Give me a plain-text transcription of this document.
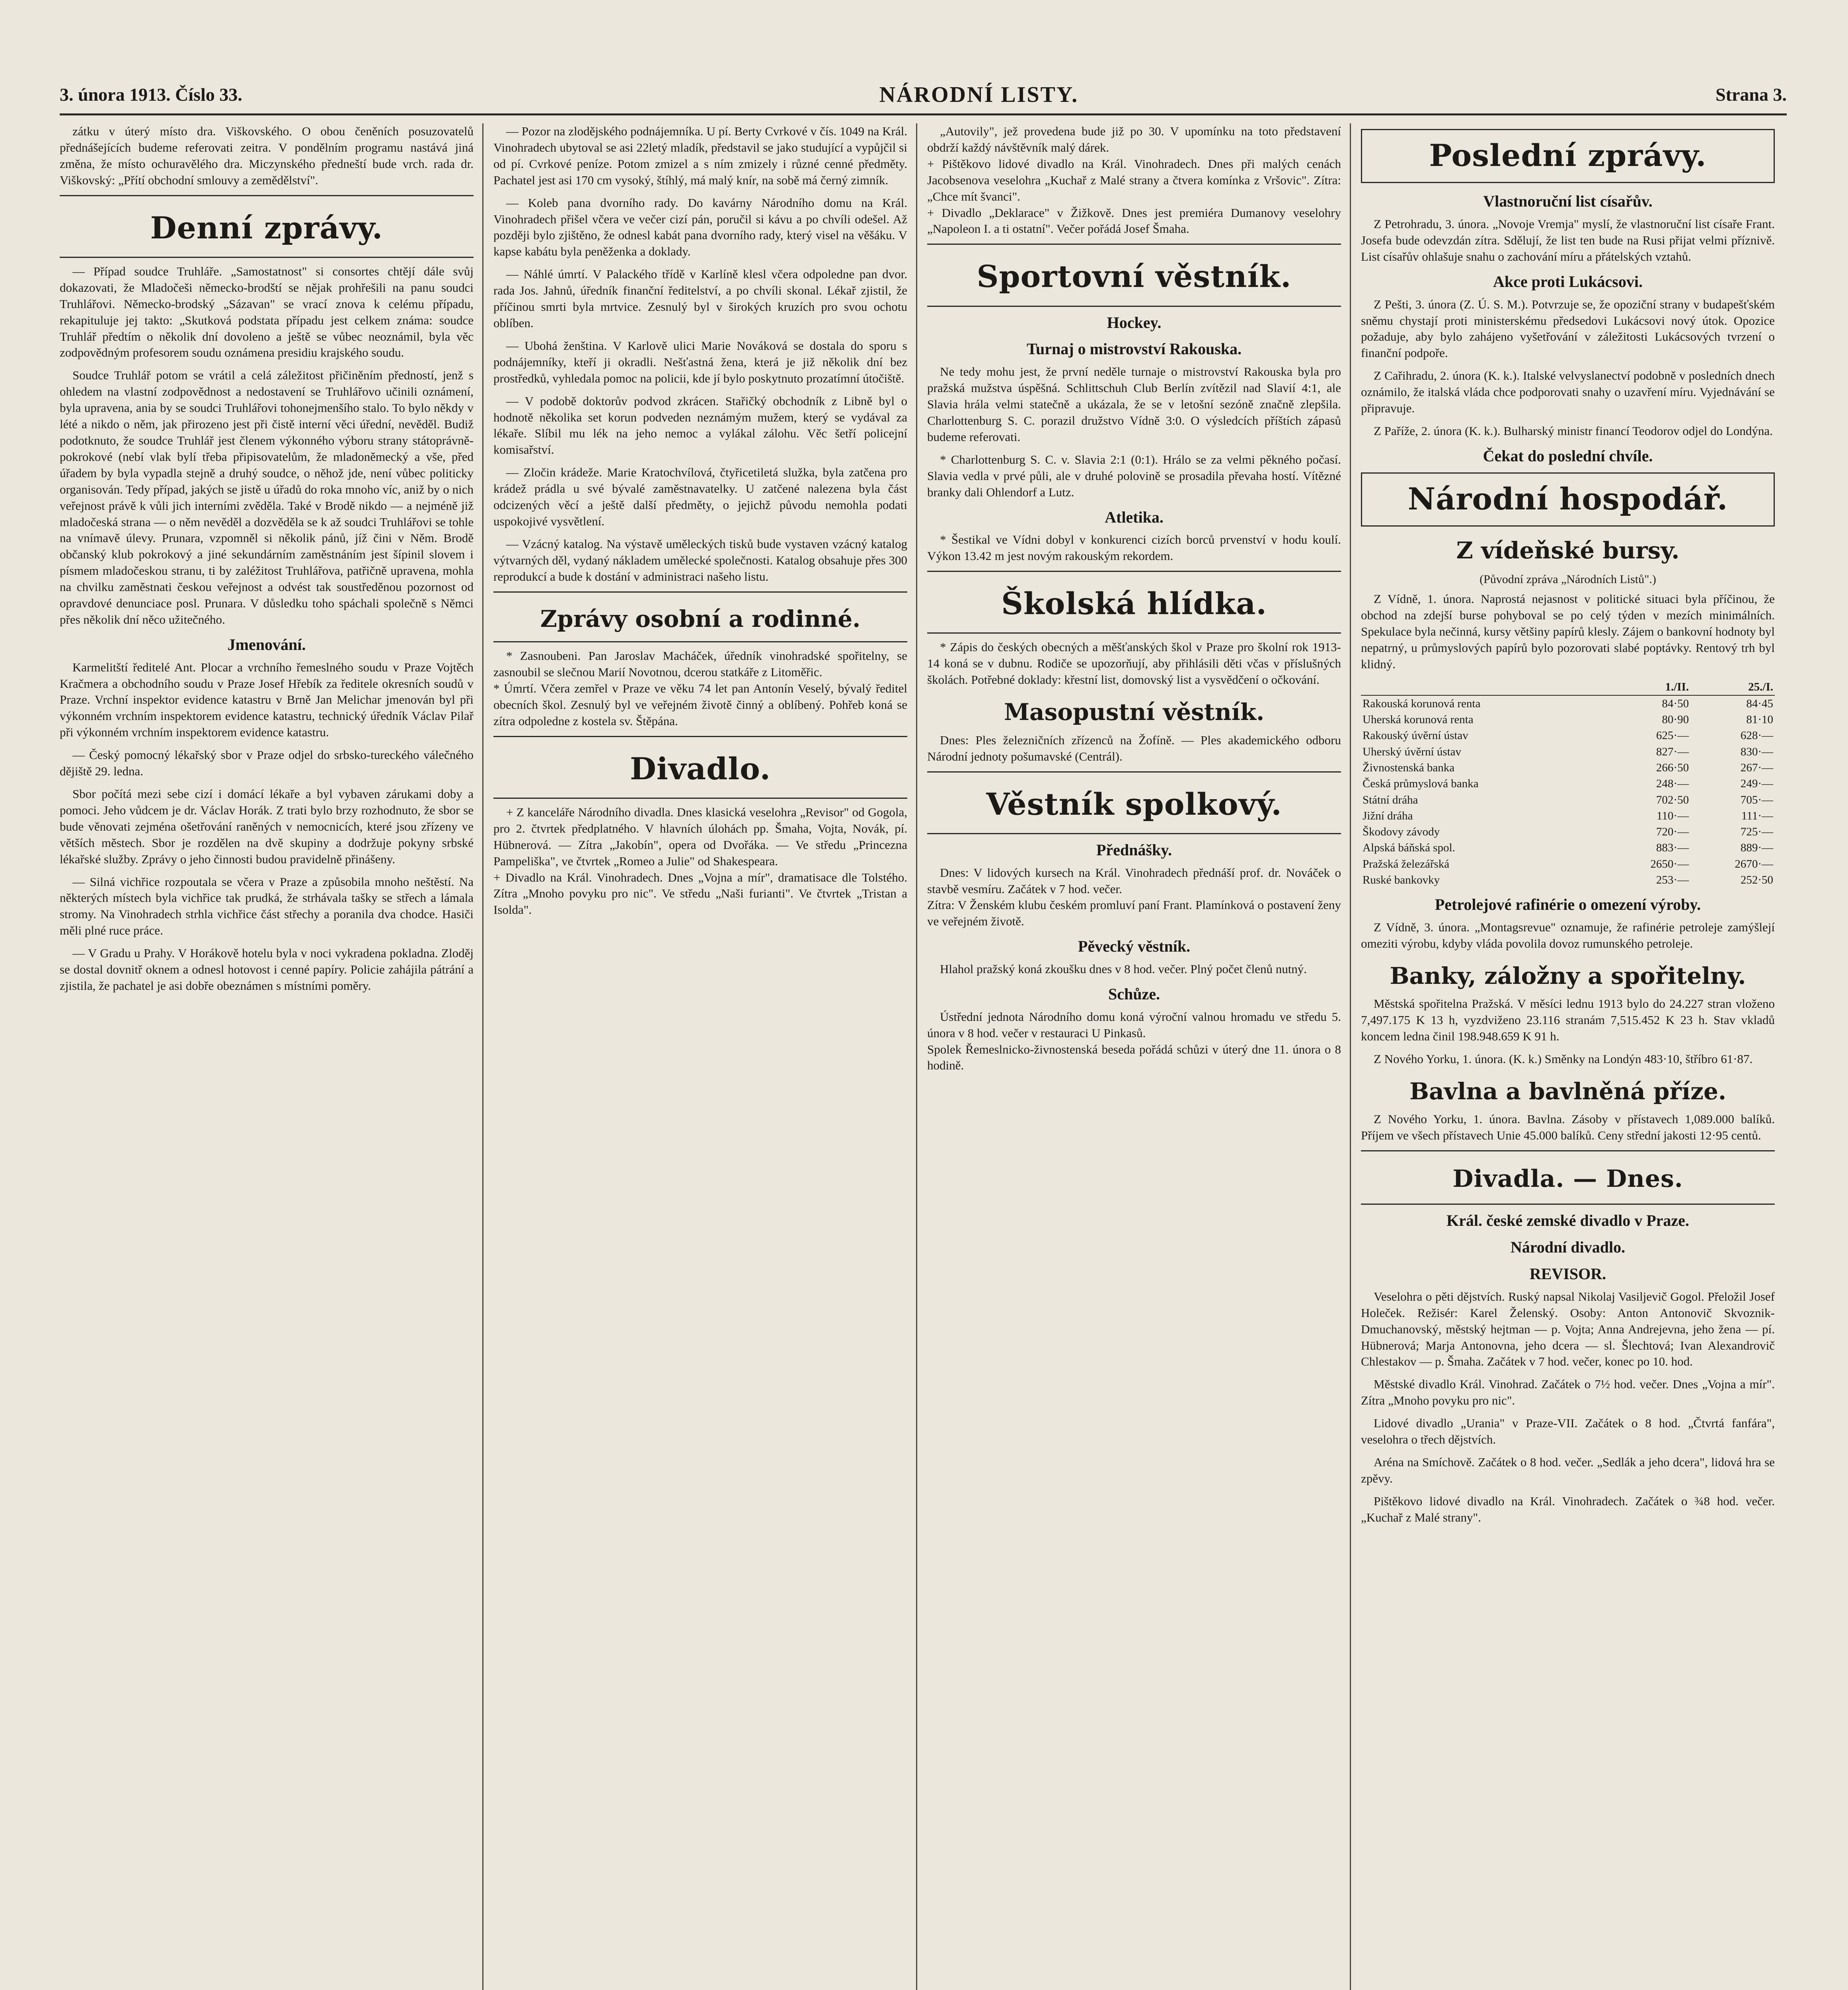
3. února 1913. Číslo 33.	NÁRODNÍ LISTY.	Strana 3.

zátku v úterý místo dra. Viškovského. O obou čeněních posuzovatelů přednášejících budeme referovati zeitra. V pondělním programu nastává jiná změna, že místo ochuravělého dra. Miczynského předneští bude vrch. rada dr. Viškovský: „Přítí obchodní smlouvy a zemědělství".

Denní zprávy.

— Případ soudce Truhláře. „Samostatnost" si consortes chtějí dále svůj dokazovati, že Mladočeši německo-brodští se nějak prohřešili na panu soudci Truhlářovi. Německo-brodský „Sázavan" se vrací znova k celému případu, rekapituluje jej takto: „Skutková podstata případu jest celkem známa: soudce Truhlář předtím o několik dní dovoleno a ještě se vůbec neoznámil, byla věc zodpovědným profesorem soudu oznámena presidiu krajského soudu.

Soudce Truhlář potom se vrátil a celá záležitost přičiněním předností, jenž s ohledem na vlastní zodpovědnost a nedostavení se Truhlářovo učinili oznámení, byla upravena, ania by se soudci Truhlářovi tohonejmenšího stalo. To bylo někdy v lété a nikdo o něm, jak přirozeno jest při čistě interní věci úřední, nevěděl. Budiž podotknuto, že soudce Truhlář jest členem výkonného výboru strany státoprávně-pokrokové (nebí vlak bylí třeba připisovatelům, že mladoněmecký a vše, před úřadem by byla vypadla stejně a druhý soudce, o něhož jde, není vůbec politicky organisován. Tedy případ, jakých se jistě u úřadů do roka mnoho víc, aniž by o nich veřejnost právě k vůli jich interními zvěděla. Také v Brodě nikdo — a nejméně již mladočeská strana — o něm nevěděl a dozvěděla se k až soudci Truhlářovi se tohle na vnímavě úlevy. Prunara, vzpomněl si několik pánů, jíž čini v Něm. Brodě občanský klub pokrokový a jiné sekundárním zaměstnáním jest šípinil slovem i písmem mladočeskou stranu, ti by zaléžitost Truhlářova, patřičně upravena, mohla na chvilku zaměstnati českou veřejnost a odvést tak soustředěnou pozornost od opravdové denunciace posl. Prunara. V důsledku toho spáchali společně s Němci přes několik dní něco užitečného.

Jmenování.

Karmelitští ředitelé Ant. Plocar a vrchního řemeslného soudu v Praze Vojtěch Kračmera a obchodního soudu v Praze Josef Hřebík za ředitele okresních soudů v Praze. Vrchní inspektor evidence katastru v Brně Jan Melichar jmenován byl při výkonném vrchním inspektorem evidence katastru, technický úředník Václav Pilař při výkonném vrchním inspektorem evidence katastru.

— Český pomocný lékařský sbor v Praze odjel do srbsko-tureckého válečného dějiště 29. ledna.

Sbor počítá mezi sebe cizí i domácí lékaře a byl vybaven zárukami doby a pomoci. Jeho vůdcem je dr. Václav Horák. Z trati bylo brzy rozhodnuto, že sbor se bude věnovati zejména ošetřování raněných v nemocnicích, které jsou zřízeny ve větších městech. Sbor je rozdělen na dvě skupiny a dodržuje pokyny srbské lékařské služby. Zprávy o jeho činnosti budou pravidelně přinášeny.

— Silná vichřice rozpoutala se včera v Praze a způsobila mnoho neštěstí. Na některých místech byla vichřice tak prudká, že strhávala tašky se střech a lámala stromy. Na Vinohradech strhla vichřice část střechy a poranila dva chodce. Hasiči měli plné ruce práce.

— V Gradu u Prahy. V Horákově hotelu byla v noci vykradena pokladna. Zloděj se dostal dovnitř oknem a odnesl hotovost i cenné papíry. Policie zahájila pátrání a zjistila, že pachatel je asi dobře obeznámen s místními poměry.

— Pozor na zlodějského podnájemníka. U pí. Berty Cvrkové v čís. 1049 na Král. Vinohradech ubytoval se asi 22letý mladík, představil se jako studující a vypůjčil si od pí. Cvrkové peníze. Potom zmizel a s ním zmizely i různé cenné předměty. Pachatel jest asi 170 cm vysoký, štíhlý, má malý knír, na sobě má černý zimník.

— Koleb pana dvorního rady. Do kavárny Národního domu na Král. Vinohradech přišel včera ve večer cizí pán, poručil si kávu a po chvíli odešel. Až později bylo zjištěno, že odnesl kabát pana dvorního rady, který visel na věšáku. V kapse kabátu byla peněženka a doklady.

— Náhlé úmrtí. V Palackého třídě v Karlíně klesl včera odpoledne pan dvor. rada Jos. Jahnů, úředník finanční ředitelství, a po chvíli skonal. Lékař zjistil, že příčinou smrti byla mrtvice. Zesnulý byl v širokých kruzích pro svou ochotu oblíben.

— Ubohá ženština. V Karlově ulici Marie Nováková se dostala do sporu s podnájemníky, kteří ji okradli. Nešťastná žena, která je již několik dní bez prostředků, vyhledala pomoc na policii, kde jí bylo poskytnuto prozatímní útočiště.

— V podobě doktorův podvod zkrácen. Stařičký obchodník z Libně byl o hodnotě několika set korun podveden neznámým mužem, který se vydával za lékaře. Slíbil mu lék na jeho nemoc a vylákal zálohu. Věc šetří policejní komisařství.

— Zločin krádeže. Marie Kratochvílová, čtyřicetiletá služka, byla zatčena pro krádež prádla u své bývalé zaměstnavatelky. U zatčené nalezena byla část odcizených věcí a ještě další předměty, o jejichž původu nemohla podati uspokojivé vysvětlení.

— Vzácný katalog. Na výstavě uměleckých tisků bude vystaven vzácný katalog výtvarných děl, vydaný nákladem umělecké společnosti. Katalog obsahuje přes 300 reprodukcí a bude k dostání v administraci našeho listu.

Zprávy osobní a rodinné.

* Zasnoubeni. Pan Jaroslav Macháček, úředník vinohradské spořitelny, se zasnoubil se slečnou Marií Novotnou, dcerou statkáře z Litoměřic.
* Úmrtí. Včera zemřel v Praze ve věku 74 let pan Antonín Veselý, bývalý ředitel obecních škol. Zesnulý byl ve veřejném životě činný a oblíbený. Pohřeb koná se zítra odpoledne z kostela sv. Štěpána.

Divadlo.

+ Z kanceláře Národního divadla. Dnes klasická veselohra „Revisor" od Gogola, pro 2. čtvrtek předplatného. V hlavních úlohách pp. Šmaha, Vojta, Novák, pí. Hübnerová. — Zítra „Jakobín", opera od Dvořáka. — Ve středu „Princezna Pampeliška", ve čtvrtek „Romeo a Julie" od Shakespeara.
+ Divadlo na Král. Vinohradech. Dnes „Vojna a mír", dramatisace dle Tolstého. Zítra „Mnoho povyku pro nic". Ve středu „Naši furianti". Ve čtvrtek „Tristan a Isolda".

„Autovily", jež provedena bude již po 30. V upomínku na toto představení obdrží každý návštěvník malý dárek.
+ Pištěkovo lidové divadlo na Král. Vinohradech. Dnes při malých cenách Jacobsenova veselohra „Kuchař z Malé strany a čtvera komínka z Vršovic". Zítra: „Chce mít švanci".
+ Divadlo „Deklarace" v Žižkově. Dnes jest premiéra Dumanovy veselohry „Napoleon I. a ti ostatní". Večer pořádá Josef Šmaha.

Sportovní věstník.
Hockey.
Turnaj o mistrovství Rakouska.

Ne tedy mohu jest, že první neděle turnaje o mistrovství Rakouska byla pro pražská mužstva úspěšná. Schlittschuh Club Berlín zvítězil nad Slavií 4:1, ale Slavia hrála velmi statečně a ukázala, že se v letošní sezóně značně zlepšila. Charlottenburg S. C. porazil družstvo Vídně 3:0. O výsledcích příštích zápasů budeme referovati.

* Charlottenburg S. C. v. Slavia 2:1 (0:1). Hrálo se za velmi pěkného počasí. Slavia vedla v prvé půli, ale v druhé polovině se prosadila převaha hostí. Vítězné branky dali Ohlendorf a Lutz.

Atletika.

* Šestikal ve Vídni dobyl v konkurenci cizích borců prvenství v hodu koulí. Výkon 13.42 m jest novým rakouským rekordem.

Školská hlídka.

* Zápis do českých obecných a měšťanských škol v Praze pro školní rok 1913-14 koná se v dubnu. Rodiče se upozorňují, aby přihlásili děti včas v příslušných školách. Potřebné doklady: křestní list, domovský list a vysvědčení o očkování.

Masopustní věstník.

Dnes: Ples železničních zřízenců na Žofíně. — Ples akademického odboru Národní jednoty pošumavské (Centrál).

Věstník spolkový.
Přednášky.

Dnes: V lidových kursech na Král. Vinohradech přednáší prof. dr. Nováček o stavbě vesmíru. Začátek v 7 hod. večer.
Zítra: V Ženském klubu českém promluví paní Frant. Plamínková o postavení ženy ve veřejném životě.

Pěvecký věstník.

Hlahol pražský koná zkoušku dnes v 8 hod. večer. Plný počet členů nutný.

Schůze.

Ústřední jednota Národního domu koná výroční valnou hromadu ve středu 5. února v 8 hod. večer v restauraci U Pinkasů.
Spolek Řemeslnicko-živnostenská beseda pořádá schůzi v úterý dne 11. února o 8 hodině.

Poslední zprávy.
Vlastnoruční list císařův.

Z Petrohradu, 3. února. „Novoje Vremja" myslí, že vlastnoruční list císaře Frant. Josefa bude odevzdán zítra. Sdělují, že list ten bude na Rusi přijat velmi příznivě. List císařův ohlašuje snahu o zachování míru a přátelských vztahů.

Akce proti Lukácsovi.

Z Pešti, 3. února (Z. Ú. S. M.). Potvrzuje se, že opoziční strany v budapešťském sněmu chystají proti ministerskému předsedovi Lukácsovi nový útok. Opozice požaduje, aby bylo zahájeno vyšetřování v záležitosti Lukácsových tvrzení o finanční podpoře.

Z Cařihradu, 2. února (K. k.). Italské velvyslanectví podobně v posledních dnech oznámilo, že italská vláda chce podporovati snahy o uzavření míru. Vyjednávání se připravuje.

Z Paříže, 2. února (K. k.). Bulharský ministr financí Teodorov odjel do Londýna.

Čekat do poslední chvíle.
Národní hospodář.
Z vídeňské bursy.
(Původní zpráva „Národních Listů".)

Z Vídně, 1. února. Naprostá nejasnost v politické situaci byla příčinou, že obchod na zdejší burse pohyboval se po celý týden v mezích minimálních. Spekulace byla nečinná, kursy většiny papírů klesly. Zájem o bankovní hodnoty byl nepatrný, u průmyslových papírů bylo pozorovati slabé poptávky. Rentový trh byl klidný.

	1./II.	25./I.
Rakouská korunová renta	84·50	84·45
Uherská korunová renta	80·90	81·10
Rakouský úvěrní ústav	625·—	628·—
Uherský úvěrní ústav	827·—	830·—
Živnostenská banka	266·50	267·—
Česká průmyslová banka	248·—	249·—
Státní dráha	702·50	705·—
Jižní dráha	110·—	111·—
Škodovy závody	720·—	725·—
Alpská báňská spol.	883·—	889·—
Pražská železářská	2650·—	2670·—
Ruské bankovky	253·—	252·50
Petrolejové rafinérie o omezení výroby.

Z Vídně, 3. února. „Montagsrevue" oznamuje, že rafinérie petroleje zamýšlejí omeziti výrobu, kdyby vláda povolila dovoz rumunského petroleje.

Banky, záložny a spořitelny.

Městská spořitelna Pražská. V měsíci lednu 1913 bylo do 24.227 stran vloženo 7,497.175 K 13 h, vyzdviženo 23.116 stranám 7,515.452 K 23 h. Stav vkladů koncem ledna činil 198.948.659 K 91 h.

Z Nového Yorku, 1. února. (K. k.) Směnky na Londýn 483·10, štříbro 61·87.

Bavlna a bavlněná příze.

Z Nového Yorku, 1. února. Bavlna. Zásoby v přístavech 1,089.000 balíků. Příjem ve všech přístavech Unie 45.000 balíků. Ceny střední jakosti 12·95 centů.

Divadla. — Dnes.
Král. české zemské divadlo v Praze.
Národní divadlo.
REVISOR.

Veselohra o pěti dějstvích. Ruský napsal Nikolaj Vasiljevič Gogol. Přeložil Josef Holeček. Režisér: Karel Želenský. Osoby: Anton Antonovič Skvoznik-Dmuchanovský, městský hejtman — p. Vojta; Anna Andrejevna, jeho žena — pí. Hübnerová; Marja Antonovna, jeho dcera — sl. Šlechtová; Ivan Alexandrovič Chlestakov — p. Šmaha. Začátek v 7 hod. večer, konec po 10. hod.

Městské divadlo Král. Vinohrad. Začátek o 7½ hod. večer. Dnes „Vojna a mír". Zítra „Mnoho povyku pro nic".

Lidové divadlo „Urania" v Praze-VII. Začátek o 8 hod. „Čtvrtá fanfára", veselohra o třech dějstvích.

Aréna na Smíchově. Začátek o 8 hod. večer. „Sedlák a jeho dcera", lidová hra se zpěvy.

Pištěkovo lidové divadlo na Král. Vinohradech. Začátek o ¾8 hod. večer. „Kuchař z Malé strany".
